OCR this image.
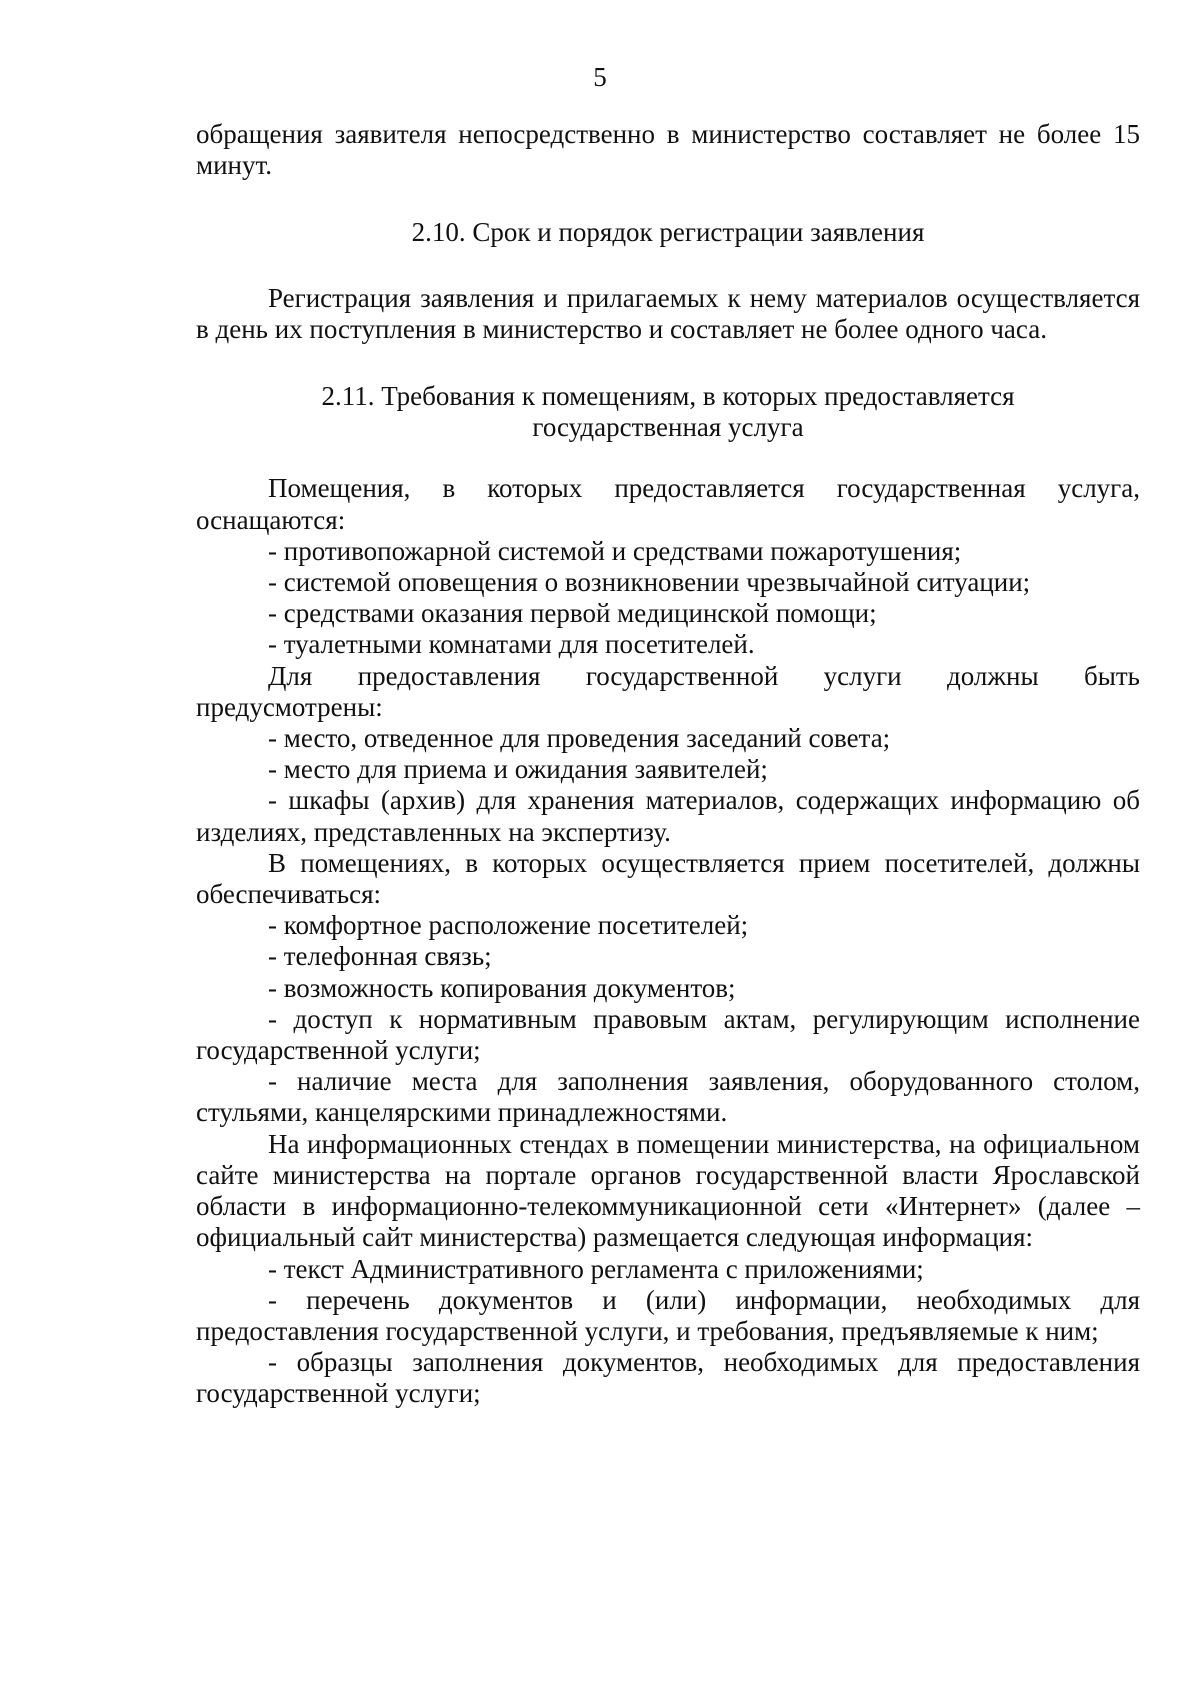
5

обращения заявителя непосредственно в министерство составляет не более 15 минут.

2.10. Срок и порядок регистрации заявления

Регистрация заявления и прилагаемых к нему материалов осуществляется в день их поступления в министерство и составляет не более одного часа.

2.11. Требования к помещениям, в которых предоставляется
государственная услуга

Помещения, в которых предоставляется государственная услуга, оснащаются:

- противопожарной системой и средствами пожаротушения;

- системой оповещения о возникновении чрезвычайной ситуации;

- средствами оказания первой медицинской помощи;

- туалетными комнатами для посетителей.

Для предоставления государственной услуги должны быть предусмотрены:

- место, отведенное для проведения заседаний совета;

- место для приема и ожидания заявителей;

- шкафы (архив) для хранения материалов, содержащих информацию об изделиях, представленных на экспертизу.

В помещениях, в которых осуществляется прием посетителей, должны обеспечиваться:

- комфортное расположение посетителей;

- телефонная связь;

- возможность копирования документов;

- доступ к нормативным правовым актам, регулирующим исполнение государственной услуги;

- наличие места для заполнения заявления, оборудованного столом, стульями, канцелярскими принадлежностями.

На информационных стендах в помещении министерства, на официальном сайте министерства на портале органов государственной власти Ярославской области в информационно-телекоммуникационной сети «Интернет» (далее – официальный сайт министерства) размещается следующая информация:

- текст Административного регламента с приложениями;

- перечень документов и (или) информации, необходимых для предоставления государственной услуги, и требования, предъявляемые к ним;

- образцы заполнения документов, необходимых для предоставления государственной услуги;
